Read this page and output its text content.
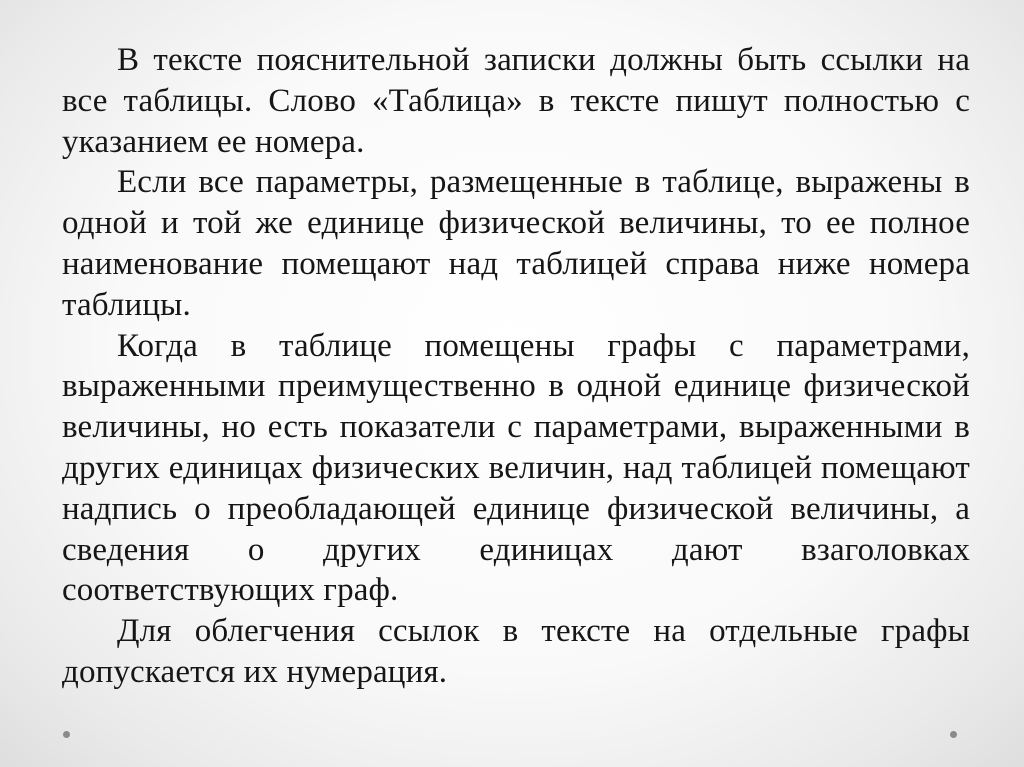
В тексте пояснительной записки должны быть ссылки на все таблицы. Слово «Таблица» в тексте пишут полностью с указанием ее номера.

Если все параметры, размещенные в таблице, выражены в одной и той же единице физической величины, то ее полное наименование помещают над таблицей справа ниже номера таблицы.

Когда в таблице помещены графы с параметрами, выраженными преимущественно в одной единице физической величины, но есть показатели с параметрами, выраженными в других единицах физических величин, над таблицей помещают надпись о преобладающей единице физической величины, а сведения о других единицах дают взаголовках соответствующих граф.

Для облегчения ссылок в тексте на отдельные графы допускается их нумерация.
